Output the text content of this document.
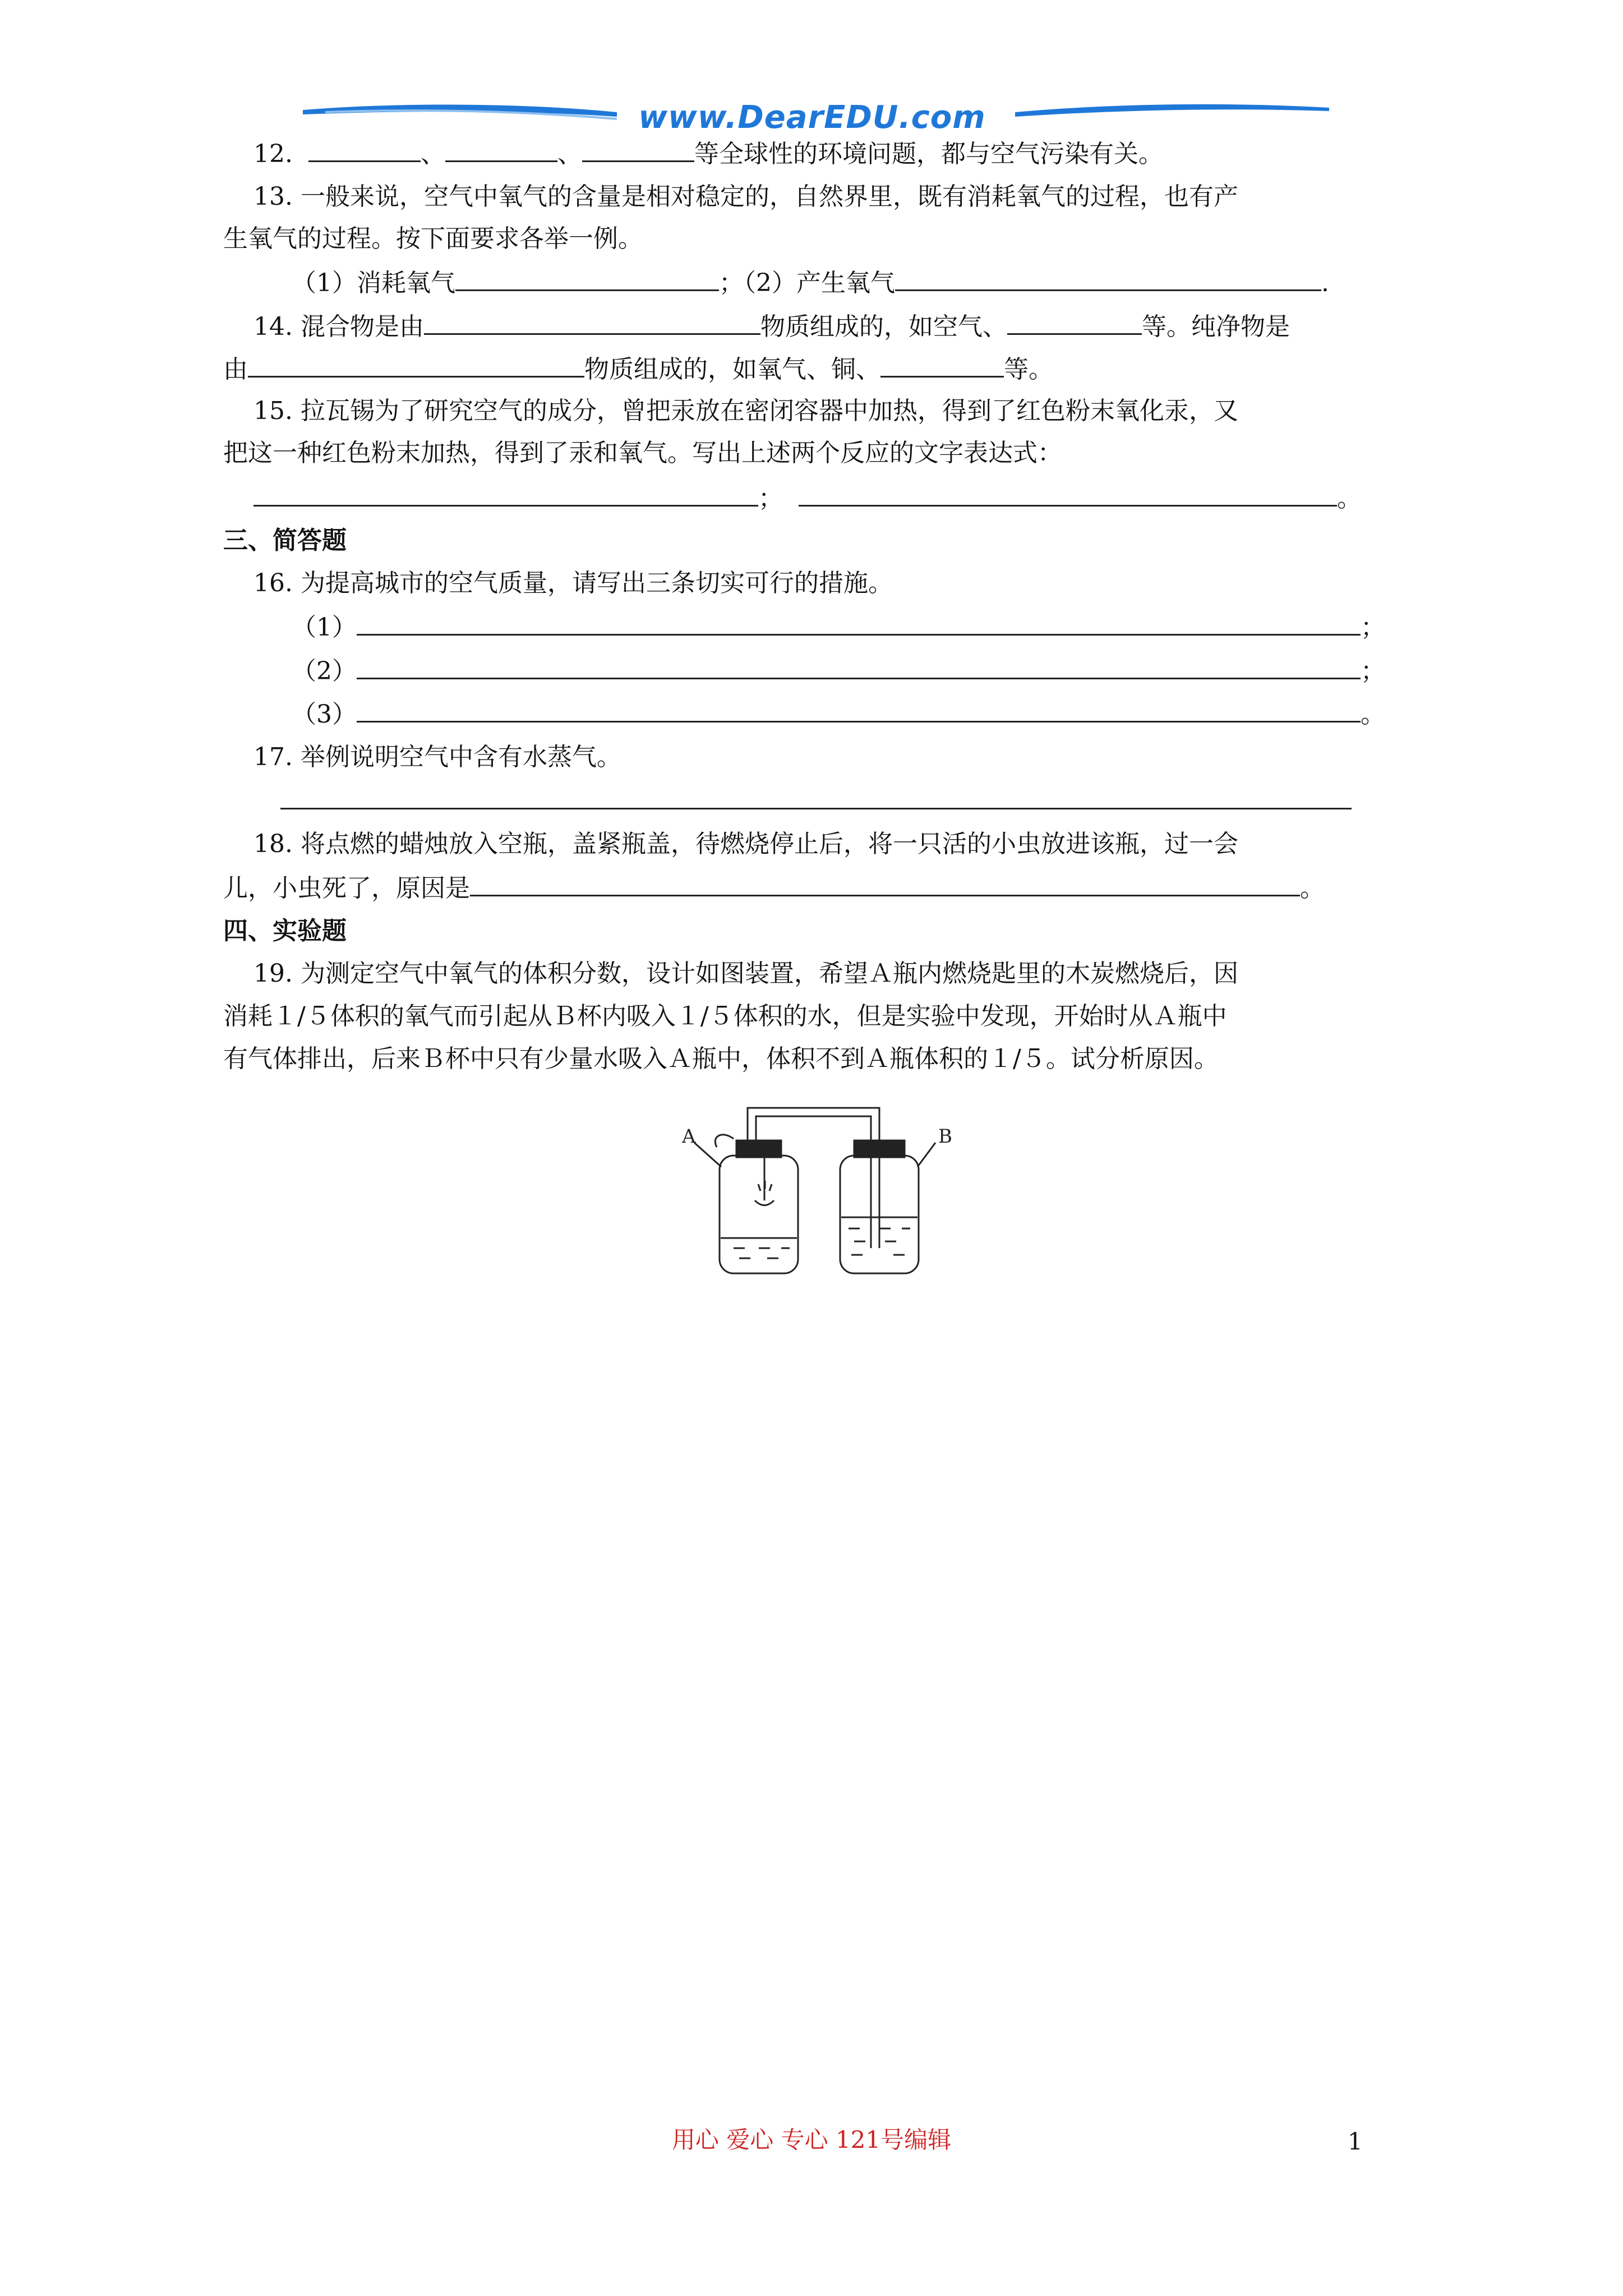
www.DearEDU.com
12.	、	、	等全球性的环境问题，都与空气污染有关。
13. 一般来说，空气中氧气的含量是相对稳定的，自然界里，既有消耗氧气的过程，也有产
生氧气的过程。按下面要求各举一例。
（1）消耗氧气	；（2）产生氧气	.
14. 混合物是由	物质组成的，如空气、	等。纯净物是
由	物质组成的，如氧气、铜、	等。
15. 拉瓦锡为了研究空气的成分，曾把汞放在密闭容器中加热，得到了红色粉末氧化汞，又
把这一种红色粉末加热，得到了汞和氧气。写出上述两个反应的文字表达式：
；	。
三、简答题
16. 为提高城市的空气质量，请写出三条切实可行的措施。
（1）	；
（2）	；
（3）	。
17. 举例说明空气中含有水蒸气。
18. 将点燃的蜡烛放入空瓶，盖紧瓶盖，待燃烧停止后，将一只活的小虫放进该瓶，过一会
儿，小虫死了，原因是	。
四、实验题
19. 为测定空气中氧气的体积分数，设计如图装置，希望Ａ瓶内燃烧匙里的木炭燃烧后，因
消耗１/５体积的氧气而引起从Ｂ杯内吸入１/５体积的水，但是实验中发现，开始时从Ａ瓶中
有气体排出，后来Ｂ杯中只有少量水吸入Ａ瓶中，体积不到Ａ瓶体积的１/５。试分析原因。
A	B
用心 爱心 专心 121号编辑	1
